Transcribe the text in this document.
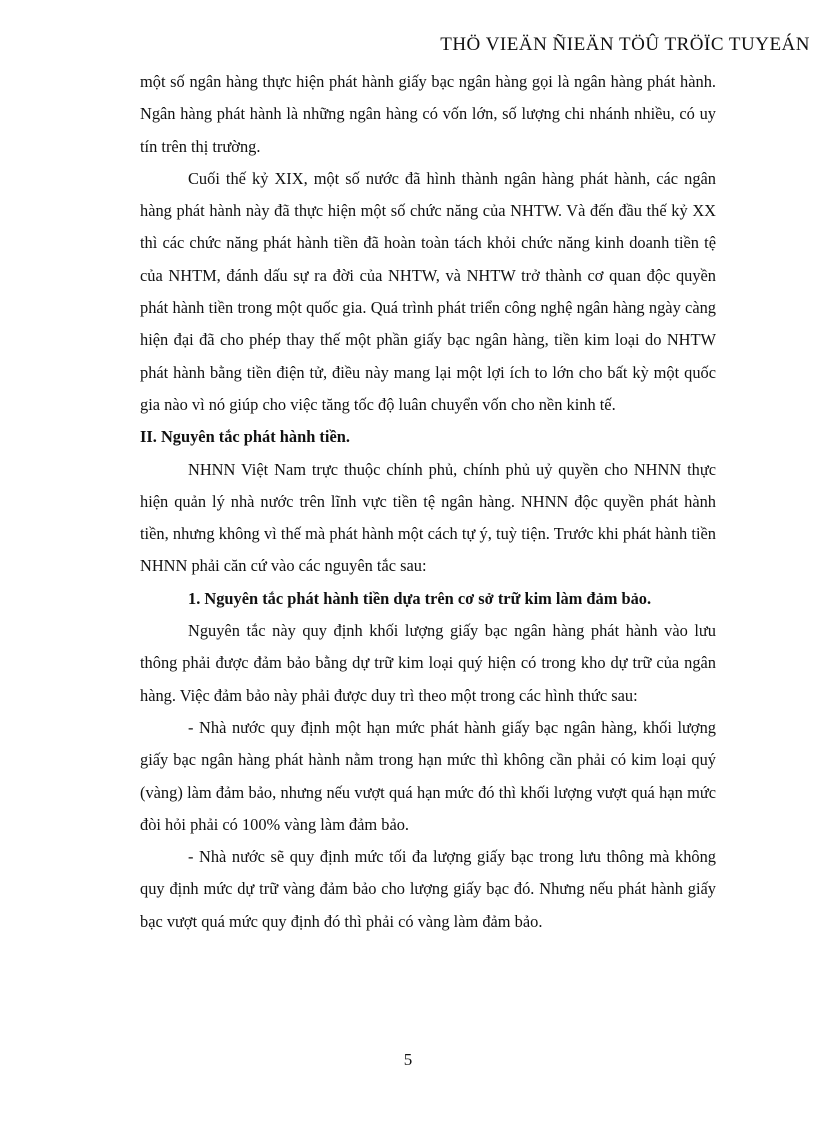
THÖ VIEÄN ÑIEÄN TÖÛ TRÖÏC TUYEÁN

một số ngân hàng thực hiện phát hành giấy bạc ngân hàng gọi là ngân hàng phát hành. Ngân hàng phát hành là những ngân hàng có vốn lớn, số lượng chi nhánh nhiều, có uy tín trên thị trường.

Cuối thế kỷ XIX, một số nước đã hình thành ngân hàng phát hành, các ngân hàng phát hành này đã thực hiện một số chức năng của NHTW. Và đến đầu thế kỷ XX thì các chức năng phát hành tiền đã hoàn toàn tách khỏi chức năng kinh doanh tiền tệ của NHTM, đánh dấu sự ra đời của NHTW, và NHTW trở thành cơ quan độc quyền phát hành tiền trong một quốc gia. Quá trình phát triển công nghệ ngân hàng ngày càng hiện đại đã cho phép thay thế một phần giấy bạc ngân hàng, tiền kim loại do NHTW phát hành bằng tiền điện tử, điều này mang lại một lợi ích to lớn cho bất kỳ một quốc gia nào vì nó giúp cho việc tăng tốc độ luân chuyển vốn cho nền kinh tế.

II. Nguyên tắc phát hành tiền.

NHNN Việt Nam trực thuộc chính phủ, chính phủ uỷ quyền cho NHNN thực hiện quản lý nhà nước trên lĩnh vực tiền tệ ngân hàng. NHNN độc quyền phát hành tiền, nhưng không vì thế mà phát hành một cách tự ý, tuỳ tiện. Trước khi phát hành tiền NHNN phải căn cứ vào các nguyên tắc sau:

1. Nguyên tắc phát hành tiền dựa trên cơ sở trữ kim làm đảm bảo.

Nguyên tắc này quy định khối lượng giấy bạc ngân hàng phát hành vào lưu thông phải được đảm bảo bằng dự trữ kim loại quý hiện có trong kho dự trữ của ngân hàng. Việc đảm bảo này phải được duy trì theo một trong các hình thức sau:

- Nhà nước quy định một hạn mức phát hành giấy bạc ngân hàng, khối lượng giấy bạc ngân hàng phát hành nằm trong hạn mức thì không cần phải có kim loại quý (vàng) làm đảm bảo, nhưng nếu vượt quá hạn mức đó thì khối lượng vượt quá hạn mức đòi hỏi phải có 100% vàng làm đảm bảo.

- Nhà nước sẽ quy định mức tối đa lượng giấy bạc trong lưu thông mà không quy định mức dự trữ vàng đảm bảo cho lượng giấy bạc đó. Nhưng nếu phát hành giấy bạc vượt quá mức quy định đó thì phải có vàng làm đảm bảo.

5
